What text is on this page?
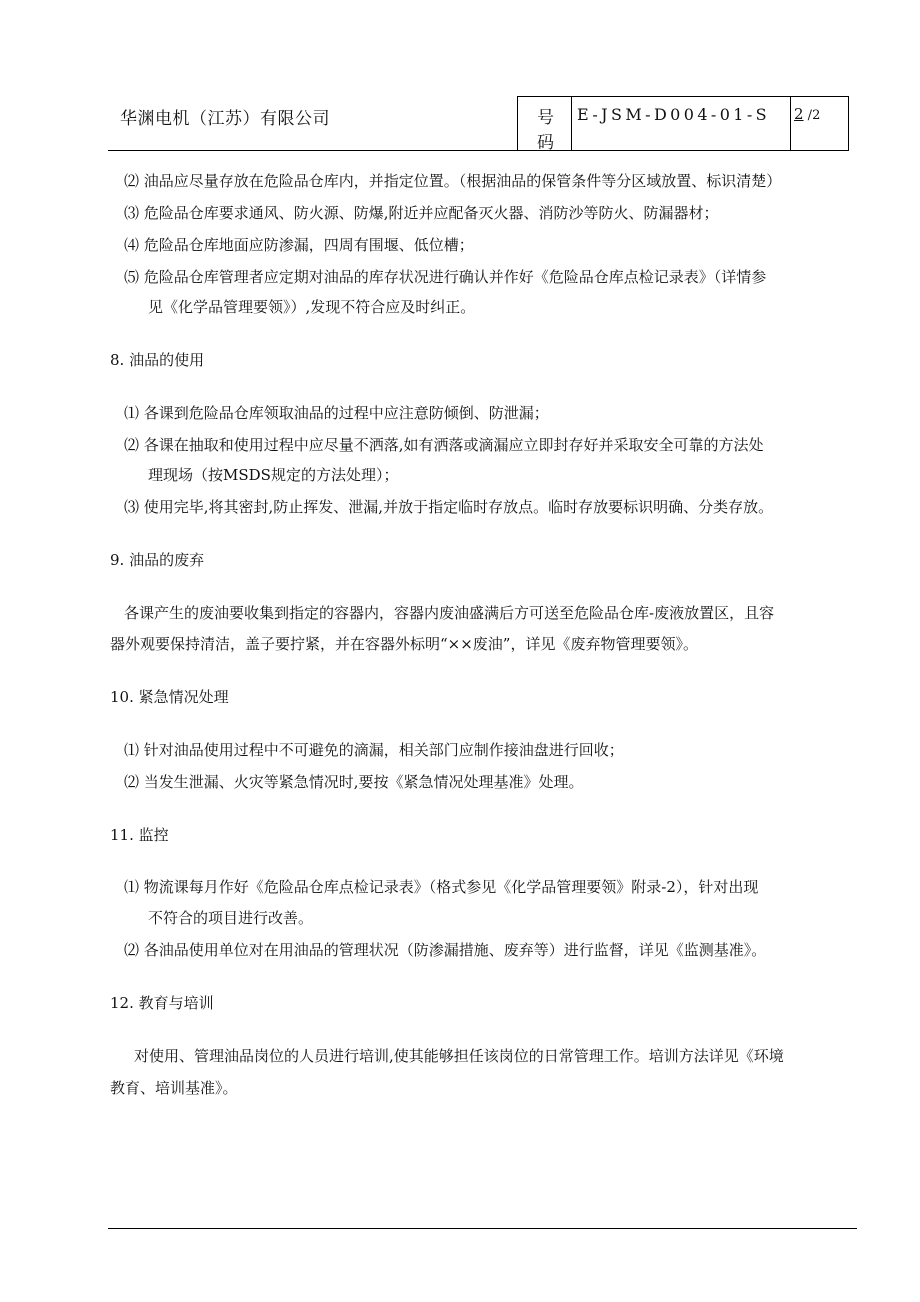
华渊电机（江苏）有限公司	号
码
E-JSM-D004-01-S 2 /2
⑵ 油品应尽量存放在危险品仓库内，并指定位置。（根据油品的保管条件等分区域放置、标识清楚）
⑶ 危险品仓库要求通风、防火源、防爆,附近并应配备灭火器、消防沙等防火、防漏器材；
⑷ 危险品仓库地面应防渗漏，四周有围堰、低位槽；
⑸ 危险品仓库管理者应定期对油品的库存状况进行确认并作好《危险品仓库点检记录表》（详情参
见《化学品管理要领》）,发现不符合应及时纠正。
8. 油品的使用
⑴ 各课到危险品仓库领取油品的过程中应注意防倾倒、防泄漏；
⑵ 各课在抽取和使用过程中应尽量不洒落,如有洒落或滴漏应立即封存好并采取安全可靠的方法处
理现场（按MSDS规定的方法处理）；
⑶ 使用完毕,将其密封,防止挥发、泄漏,并放于指定临时存放点。临时存放要标识明确、分类存放。
9. 油品的废弃
各课产生的废油要收集到指定的容器内，容器内废油盛满后方可送至危险品仓库-废液放置区，且容
器外观要保持清洁，盖子要拧紧，并在容器外标明“××废油”，详见《废弃物管理要领》。
10. 紧急情况处理
⑴ 针对油品使用过程中不可避免的滴漏，相关部门应制作接油盘进行回收；
⑵ 当发生泄漏、火灾等紧急情况时,要按《紧急情况处理基准》处理。
11. 监控
⑴ 物流课每月作好《危险品仓库点检记录表》（格式参见《化学品管理要领》附录-2），针对出现
不符合的项目进行改善。
⑵ 各油品使用单位对在用油品的管理状况（防渗漏措施、废弃等）进行监督，详见《监测基准》。
12. 教育与培训
对使用、管理油品岗位的人员进行培训,使其能够担任该岗位的日常管理工作。培训方法详见《环境
教育、培训基准》。
